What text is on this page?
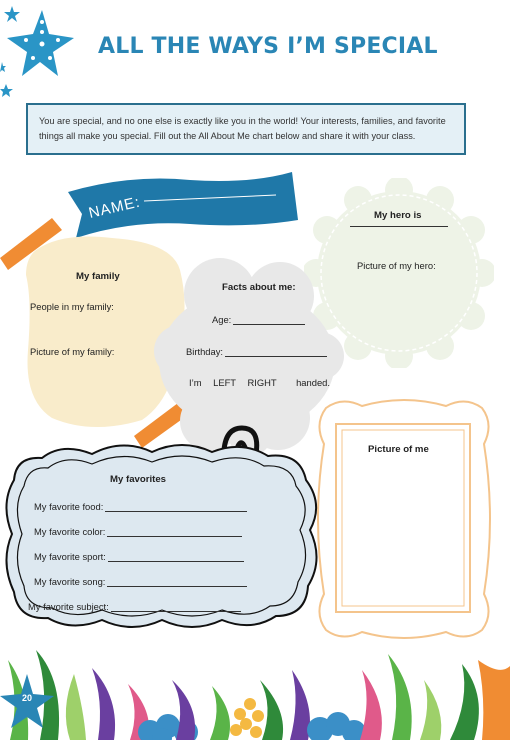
ALL THE WAYS I’M SPECIAL
You are special, and no one else is exactly like you in the world! Your interests, families, and favorite things all make you special. Fill out the All About Me chart below and share it with your class.
NAME:	My hero is
Picture of my hero:
My family
People in my family:
Picture of my family:
Facts about me:
Age:
Birthday:
I’m LEFT RIGHT handed.
Picture of me
My favorites
My favorite food:
My favorite color:
My favorite sport:
My favorite song:
My favorite subject:
20
